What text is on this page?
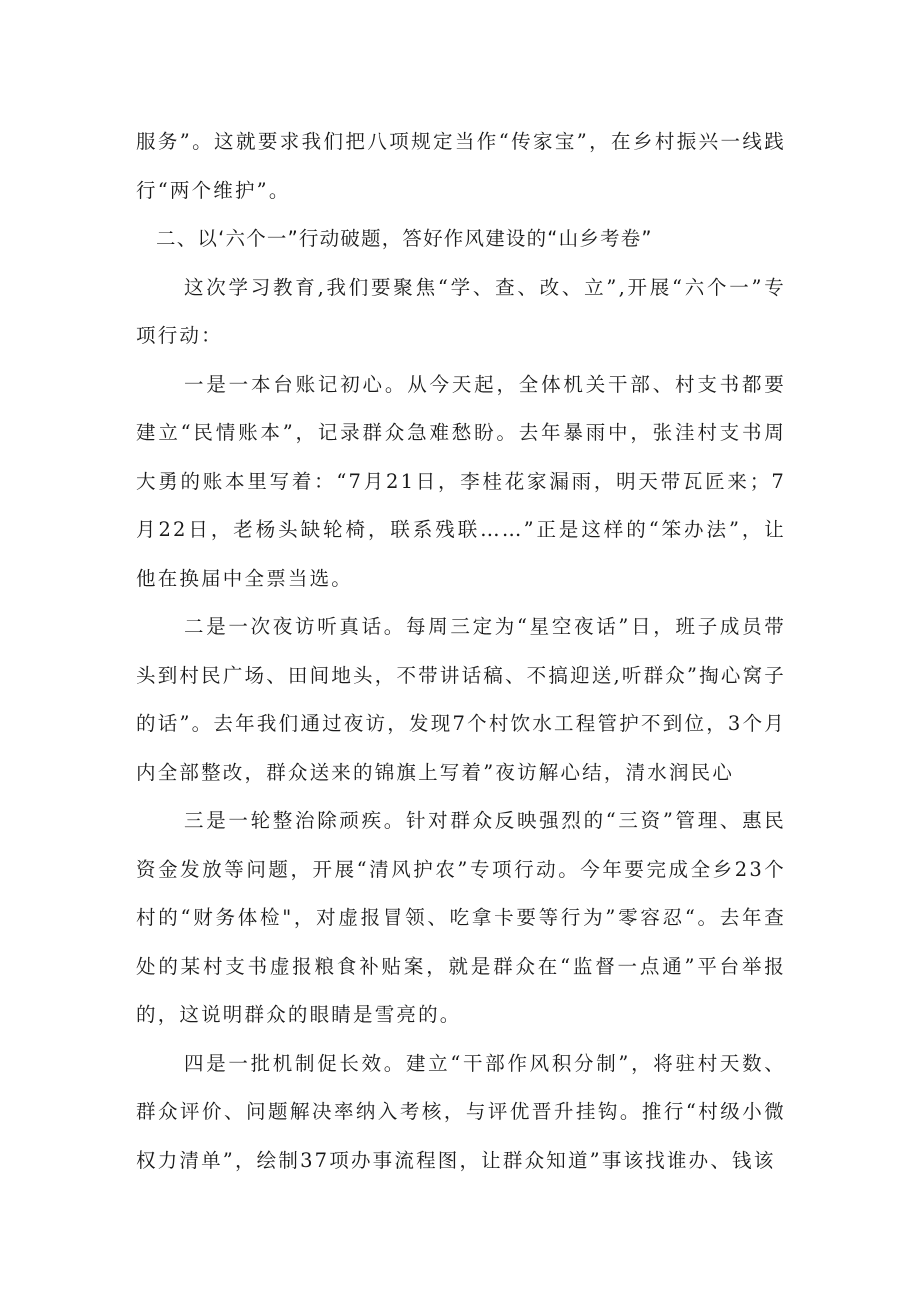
服务”。这就要求我们把八项规定当作“传家宝”，在乡村振兴一线践行“两个维护”。

二、以‘六个一”行动破题，答好作风建设的“山乡考卷”

这次学习教育,我们要聚焦“学、查、改、立”,开展“六个一”专项行动：

一是一本台账记初心。从今天起，全体机关干部、村支书都要建立“民情账本”，记录群众急难愁盼。去年暴雨中，张洼村支书周大勇的账本里写着：“7月21日，李桂花家漏雨，明天带瓦匠来；7月22日，老杨头缺轮椅，联系残联……”正是这样的“笨办法”，让他在换届中全票当选。

二是一次夜访听真话。每周三定为“星空夜话”日，班子成员带头到村民广场、田间地头，不带讲话稿、不搞迎送,听群众”掏心窝子的话”。去年我们通过夜访，发现7个村饮水工程管护不到位，3个月内全部整改，群众送来的锦旗上写着”夜访解心结，清水润民心

三是一轮整治除顽疾。针对群众反映强烈的“三资”管理、惠民资金发放等问题，开展“清风护农”专项行动。今年要完成全乡23个村的“财务体检"，对虚报冒领、吃拿卡要等行为”零容忍“。去年查处的某村支书虚报粮食补贴案，就是群众在“监督一点通”平台举报的，这说明群众的眼睛是雪亮的。

四是一批机制促长效。建立“干部作风积分制”，将驻村天数、群众评价、问题解决率纳入考核，与评优晋升挂钩。推行“村级小微权力清单”，绘制37项办事流程图，让群众知道”事该找谁办、钱该
